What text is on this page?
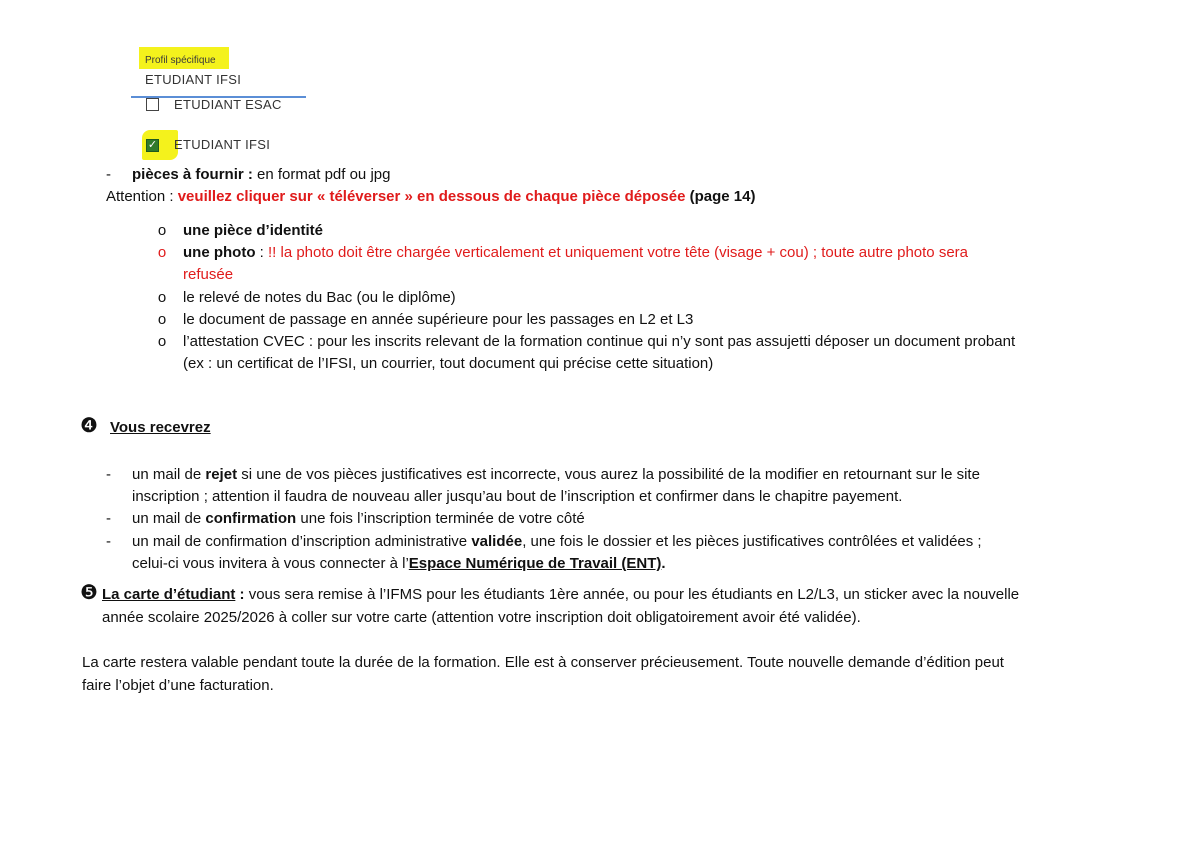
Profil spécifique
ETUDIANT IFSI
ETUDIANT ESAC
✓ ETUDIANT IFSI
- pièces à fournir : en format pdf ou jpg
Attention : veuillez cliquer sur « téléverser » en dessous de chaque pièce déposée (page 14)
o une pièce d’identité
o une photo : !! la photo doit être chargée verticalement et uniquement votre tête (visage + cou) ; toute autre photo sera
refusée
o le relevé de notes du Bac (ou le diplôme)
o le document de passage en année supérieure pour les passages en L2 et L3
o l’attestation CVEC : pour les inscrits relevant de la formation continue qui n’y sont pas assujetti déposer un document probant
(ex : un certificat de l’IFSI, un courrier, tout document qui précise cette situation)
❹ Vous recevrez
- un mail de rejet si une de vos pièces justificatives est incorrecte, vous aurez la possibilité de la modifier en retournant sur le site
inscription ; attention il faudra de nouveau aller jusqu’au bout de l’inscription et confirmer dans le chapitre payement.
- un mail de confirmation une fois l’inscription terminée de votre côté
- un mail de confirmation d’inscription administrative validée, une fois le dossier et les pièces justificatives contrôlées et validées ;
celui-ci vous invitera à vous connecter à l’Espace Numérique de Travail (ENT).
❺ La carte d’étudiant : vous sera remise à l’IFMS pour les étudiants 1ère année, ou pour les étudiants en L2/L3, un sticker avec la nouvelle
année scolaire 2025/2026 à coller sur votre carte (attention votre inscription doit obligatoirement avoir été validée).
La carte restera valable pendant toute la durée de la formation. Elle est à conserver précieusement. Toute nouvelle demande d’édition peut
faire l’objet d’une facturation.
